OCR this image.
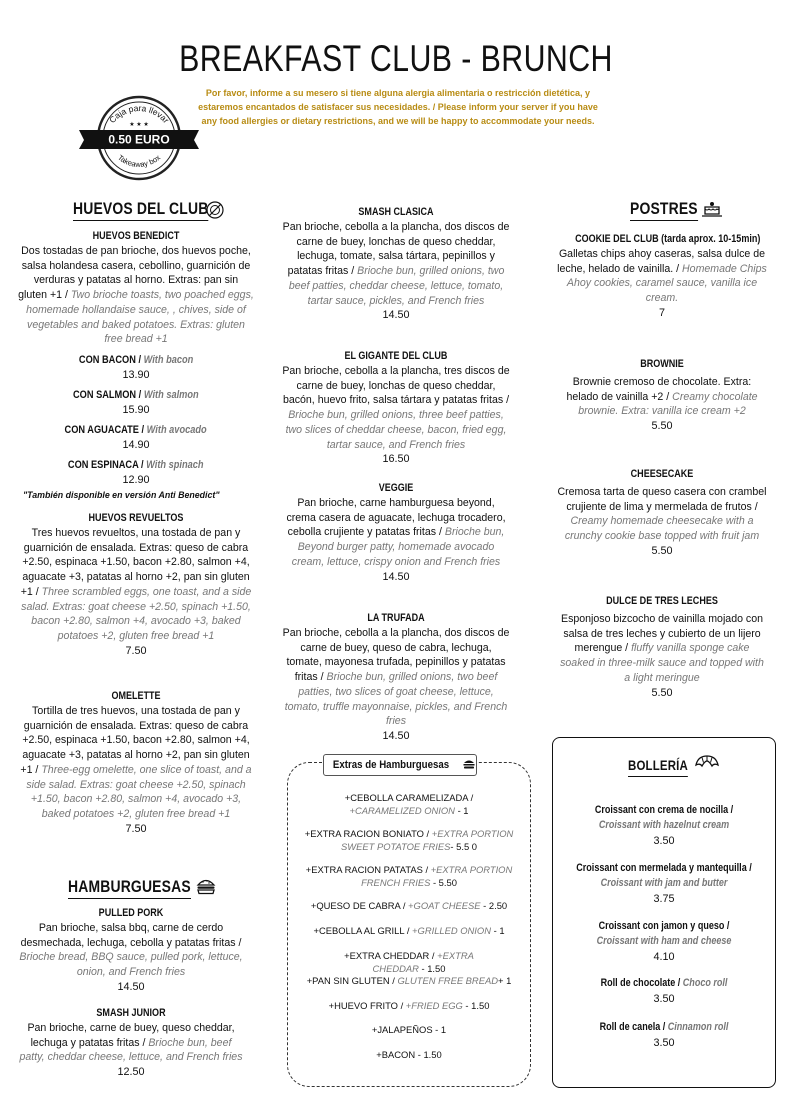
BREAKFAST CLUB - BRUNCH
Por favor, informe a su mesero si tiene alguna alergia alimentaria o restricción dietética, y
estaremos encantados de satisfacer sus necesidades. / Please inform your server if you have
any food allergies or dietary restrictions, and we will be happy to accommodate your needs.
Caja para llevar
Takeaway box
★ ★ ★
0.50 EURO
HUEVOS DEL CLUB
HUEVOS BENEDICT
Dos tostadas de pan brioche, dos huevos poche, salsa holandesa casera, cebollino, guarnición de verduras y patatas al horno. Extras: pan sin gluten +1 / Two brioche toasts, two poached eggs, homemade hollandaise sauce, , chives, side of vegetables and baked potatoes. Extras: gluten free bread +1
CON BACON / With bacon
13.90
CON SALMON / With salmon
15.90
CON AGUACATE / With avocado
14.90
CON ESPINACA / With spinach
12.90
"También disponible en versión Anti Benedict"
HUEVOS REVUELTOS
Tres huevos revueltos, una tostada de pan y guarnición de ensalada. Extras: queso de cabra +2.50, espinaca +1.50, bacon +2.80, salmon +4, aguacate +3, patatas al horno +2, pan sin gluten +1 / Three scrambled eggs, one toast, and a side salad. Extras: goat cheese +2.50, spinach +1.50, bacon +2.80, salmon +4, avocado +3, baked potatoes +2, gluten free bread +1
7.50
OMELETTE
Tortilla de tres huevos, una tostada de pan y guarnición de ensalada. Extras: queso de cabra +2.50, espinaca +1.50, bacon +2.80, salmon +4, aguacate +3, patatas al horno +2, pan sin gluten +1 / Three-egg omelette, one slice of toast, and a side salad. Extras: goat cheese +2.50, spinach +1.50, bacon +2.80, salmon +4, avocado +3, baked potatoes +2, gluten free bread +1
7.50
HAMBURGUESAS
PULLED PORK
Pan brioche, salsa bbq, carne de cerdo desmechada, lechuga, cebolla y patatas fritas / Brioche bread, BBQ sauce, pulled pork, lettuce, onion, and French fries
14.50
SMASH JUNIOR
Pan brioche, carne de buey, queso cheddar, lechuga y patatas fritas / Brioche bun, beef patty, cheddar cheese, lettuce, and French fries
12.50
SMASH CLASICA
Pan brioche, cebolla a la plancha, dos discos de carne de buey, lonchas de queso cheddar, lechuga, tomate, salsa tártara, pepinillos y patatas fritas / Brioche bun, grilled onions, two beef patties, cheddar cheese, lettuce, tomato, tartar sauce, pickles, and French fries
14.50
EL GIGANTE DEL CLUB
Pan brioche, cebolla a la plancha, tres discos de carne de buey, lonchas de queso cheddar, bacón, huevo frito, salsa tártara y patatas fritas / Brioche bun, grilled onions, three beef patties, two slices of cheddar cheese, bacon, fried egg, tartar sauce, and French fries
16.50
VEGGIE
Pan brioche, carne hamburguesa beyond, crema casera de aguacate, lechuga trocadero, cebolla crujiente y patatas fritas / Brioche bun, Beyond burger patty, homemade avocado cream, lettuce, crispy onion and French fries
14.50
LA TRUFADA
Pan brioche, cebolla a la plancha, dos discos de carne de buey, queso de cabra, lechuga, tomate, mayonesa trufada, pepinillos y patatas fritas / Brioche bun, grilled onions, two beef patties, two slices of goat cheese, lettuce, tomato, truffle mayonnaise, pickles, and French fries
14.50
Extras de Hamburguesas
+CEBOLLA CARAMELIZADA /
+CARAMELIZED ONION - 1
+EXTRA RACION BONIATO / +EXTRA PORTION SWEET POTATOE FRIES- 5.5 0
+EXTRA RACION PATATAS / +EXTRA PORTION FRENCH FRIES - 5.50
+QUESO DE CABRA / +GOAT CHEESE - 2.50
+CEBOLLA AL GRILL / +GRILLED ONION - 1
+EXTRA CHEDDAR / +EXTRA CHEDDAR - 1.50
+PAN SIN GLUTEN / GLUTEN FREE BREAD+ 1
+HUEVO FRITO / +FRIED EGG - 1.50
+JALAPEÑOS - 1
+BACON - 1.50
POSTRES
COOKIE DEL CLUB (tarda aprox. 10-15min)
Galletas chips ahoy caseras, salsa dulce de leche, helado de vainilla. / Homemade Chips Ahoy cookies, caramel sauce, vanilla ice cream.
7
BROWNIE
Brownie cremoso de chocolate. Extra: helado de vainilla +2 / Creamy chocolate brownie. Extra: vanilla ice cream +2
5.50
CHEESECAKE
Cremosa tarta de queso casera con crambel crujiente de lima y mermelada de frutos / Creamy homemade cheesecake with a crunchy cookie base topped with fruit jam
5.50
DULCE DE TRES LECHES
Esponjoso bizcocho de vainilla mojado con salsa de tres leches y cubierto de un lijero merengue / fluffy vanilla sponge cake soaked in three-milk sauce and topped with a light meringue
5.50
BOLLERÍA
Croissant con crema de nocilla /
Croissant with hazelnut cream
3.50
Croissant con mermelada y mantequilla /
Croissant with jam and butter
3.75
Croissant con jamon y queso /
Croissant with ham and cheese
4.10
Roll de chocolate / Choco roll
3.50
Roll de canela / Cinnamon roll
3.50
